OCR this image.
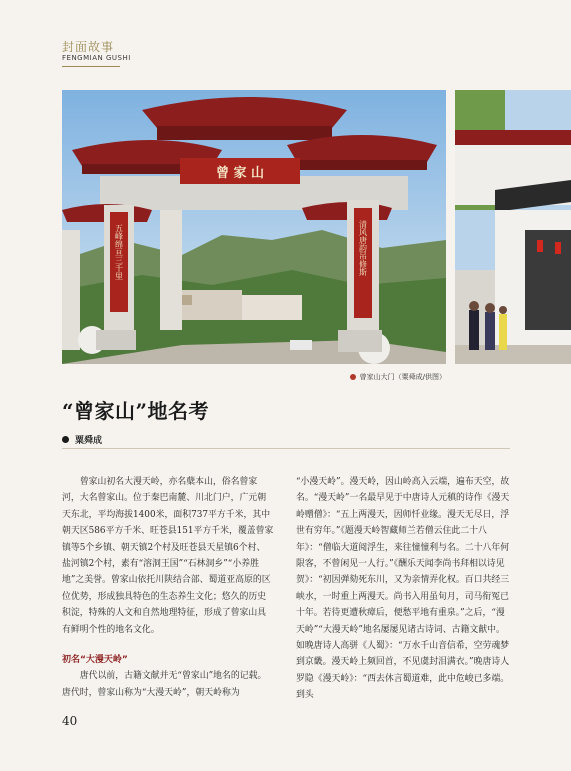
封面故事
FENGMIAN GUSHI
曾 家 山
五峰绵亘三千里	清风唐韵吊修斯
曾家山大门（粟舜成/供图）
“曾家山”地名考
粟舜成

曾家山初名大漫天岭，亦名蘖本山，俗名曾家河，大名曾家山。位于秦巴南麓、川北门户，广元朝天东北，平均海拔1400米，面积737平方千米，其中朝天区586平方千米、旺苍县151平方千米，覆盖曾家镇等5个乡镇、朝天镇2个村及旺苍县天星镇6个村、盐河镇2个村，素有“溶洞王国”“石林洞乡”“小养胜地”之美誉。曾家山依托川陕结合部、蜀道亚高原的区位优势，形成独具特色的生态养生文化；悠久的历史积淀，特殊的人文和自然地理特征，形成了曾家山具有鲜明个性的地名文化。

初名“大漫天岭”

唐代以前，古籍文献并无“曾家山”地名的记载。唐代时，曾家山称为“大漫天岭”，朝天岭称为

“小漫天岭”。漫天岭，因山岭高入云端，遍布天空，故名。“漫天岭”一名最早见于中唐诗人元稹的诗作《漫天岭赠僧》：“五上两漫天，因师忏业缘。漫天无尽日，浮世有穷年。”《题漫天岭智藏师兰若僧云住此二十八年》：“僧临大道阅浮生，来往憧憧利与名。二十八年何限客，不曾闲见一人行。”《酬乐天闻李尚书拜相以诗见贺》：“初因弹劾死东川，又为亲情弄化权。百口共经三峡水，一时重上两漫天。尚书入用虽旬月，司马衔冤已十年。若待更遭秋瘴后，便愁平地有重泉。”之后，“漫天岭”“大漫天岭”地名屡屡见诸古诗词、古籍文献中。如晚唐诗人高骈《人蜀》：“万水千山音信希，空劳魂梦到京畿。漫天岭上频回首，不见虞封泪满衣。”晚唐诗人罗隐《漫天岭》：“西去休言蜀道难，此中危峻已多端。到头

40
